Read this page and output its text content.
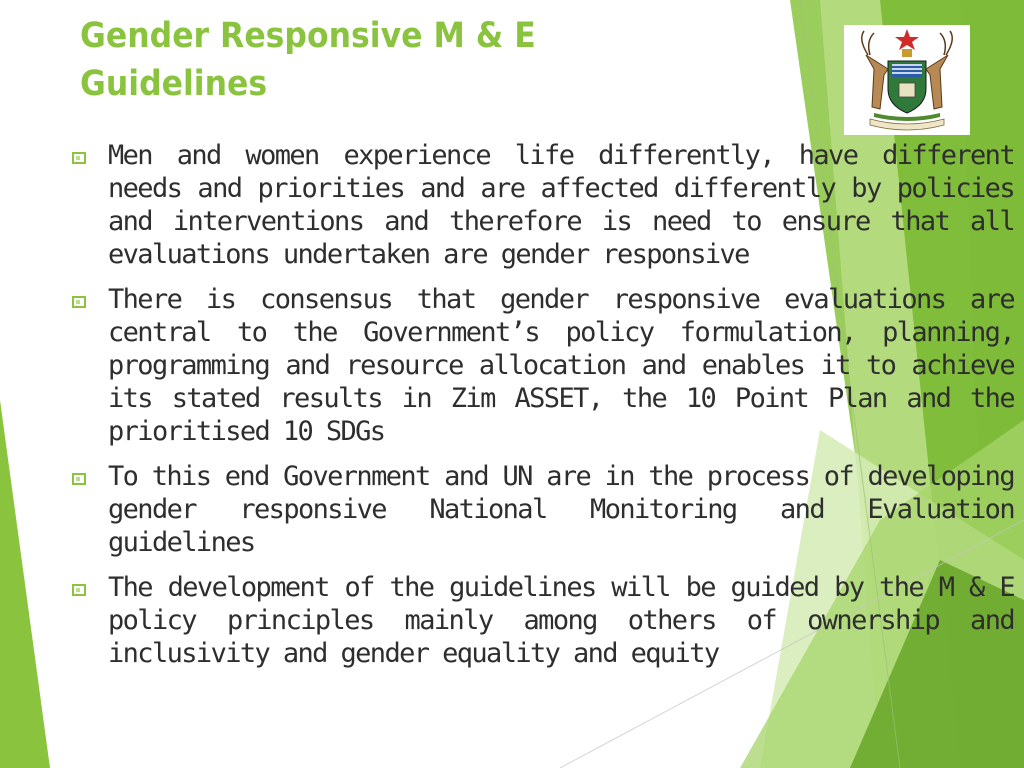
Gender Responsive M & E
Guidelines

Men and women experience life differently, have different needs and priorities and are affected differently by policies and interventions and therefore is need to ensure that all evaluations undertaken are gender responsive

There is consensus that gender responsive evaluations are central to the Government’s policy formulation, planning, programming and resource allocation and enables it to achieve its stated results in Zim ASSET, the 10 Point Plan and the prioritised 10 SDGs

To this end Government and UN are in the process of developing gender responsive National Monitoring and Evaluation guidelines

The development of the guidelines will be guided by the M & E policy principles mainly among others of ownership and inclusivity and gender equality and equity
